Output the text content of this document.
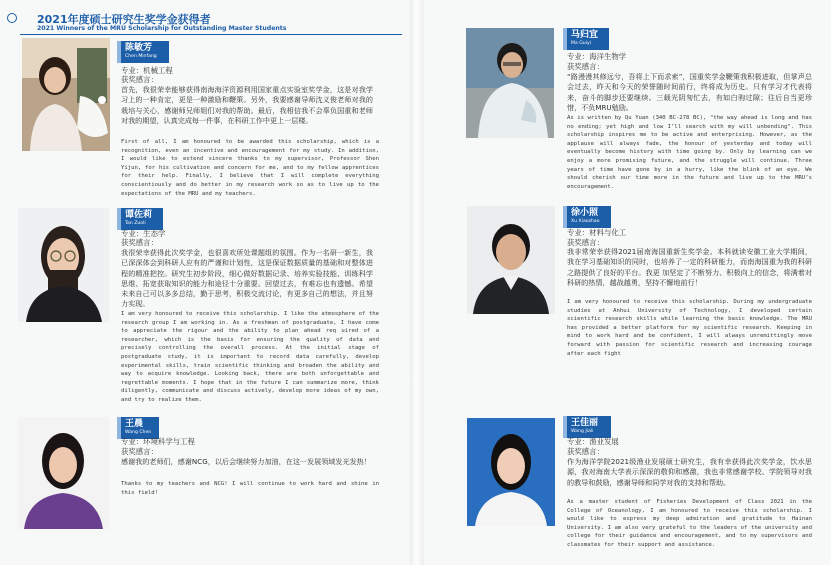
2021年度硕士研究生奖学金获得者
2021 Winners of the MRU Scholarship for Outstanding Master Students
陈敏芳
Chen Minfang
专业：机械工程
获奖感言：

首先，我很荣幸能够获得南海海洋资源利用国家重点实验室奖学金，这是对我学习上的一种肯定，更是一种激励和鞭策。另外，我要感谢导师沈义俊老师对我的栽培与关心，感谢师兄师姐们对我的帮助。最后，我相信我不会辜负国重和老师对我的期望，认真完成每一件事，在科研工作中更上一层楼。

First of all, I am honoured to be awarded this scholarship, which is a recognition, even an incentive and encouragement for my study. In addition, I would like to extend sincere thanks to my supervisor, Professor Shen Yijun, for his cultivation and concern for me, and to my fellow apprentices for their help. Finally, I believe that I will complete everything conscientiously and do better in my research work so as to live up to the expectations of the MRU and my teachers.

马归宜
Ma Guiyi
专业：海洋生物学
获奖感言：

“路漫漫其修远兮，吾将上下而求索”，国重奖学金鞭策我积极进取，但掌声总会过去，昨天和今天的荣誉随时间前行，终将成为历史。只有学习才代表将来，奋斗的脚步还要继续。三载光阴匆忙去，有如白驹过隙；往后自当更珍惜，不负MRU勉励。

As is written by Qu Yuan (340 BC-278 BC), "the way ahead is long and has no ending; yet high and low I’ll search with my will unbending". This scholarship inspires me to be active and enterprising. However, as the applause will always fade, the honour of yesterday and today will eventually become history with time going by. Only by learning can we enjoy a more promising future, and the struggle will continue. Three years of time have gone by in a hurry, like the blink of an eye. We should cherish our time more in the future and live up to the MRU’s encouragement.

谭佐莉
Tan Zuoli
专业：生态学
获奖感言：

我很荣幸获得此次奖学金，也很喜欢所处课题组的氛围。作为一名研一新生，我已深深体会到科研人应有的严谨和计划性，这是保证数据质量的基础和对整体进程的精准把控。研究生初步阶段，细心做好数据记录、培养实验技能、训练科学思维、拓宽获取知识的能力和途径十分重要。回望过去，有难忘也有遗憾。希望未来自己可以多多总结，勤于思考，积极交流讨论，有更多自己的想法，并且努力实现。

I am very honoured to receive this scholarship. I like the atmosphere of the research group I am working in. As a freshman of postgraduate, I have come to appreciate the rigour and the ability to plan ahead req uired of a researcher, which is the basis for ensuring the quality of data and precisely controlling the overall process. At the initial stage of postgraduate study, it is important to record data carefully, develop experimental skills, train scientific thinking and broaden the ability and way to acquire knowledge. Looking back, there are both unforgettable and regrettable moments. I hope that in the future I can summarize more, think diligently, communicate and discuss actively, develop more ideas of my own, and try to realize them.

徐小照
Xu Xiaozhao
专业：材料与化工
获奖感言：

我非常荣幸获得2021届南海国重新生奖学金。本科就读安徽工业大学期间，我在学习基础知识的同时，也培养了一定的科研能力，而南海国重为我的科研之路提供了良好的平台。我更 加坚定了不断努力、积极向上的信念，将满着对科研的热情，越战越勇，坚持不懈地前行！

I am very honoured to receive this scholarship. During my undergraduate studies at Anhui University of Technology, I developed certain scientific research skills while learning the basic knowledge. The MRU has provided a better platform for my scientific research. Keeping in mind to work hard and be confident, I will always unremittingly move forward with passion for scientific research and increasing courage after each fight

王晨
Wang Chen
专业：环境科学与工程
获奖感言：

感谢我的老师们，感谢NCG，以后会继续努力加油，在这一发展领域发光发热！

Thanks to my teachers and NCG! I will continue to work hard and shine in this field!

王佳丽
Wang Jiali
专业：渔业发展
获奖感言：

作为海洋学院2021级渔业发展硕士研究生，我有幸获得此次奖学金，饮水思源，我对海南大学表示深深的敬仰和感激，我也非常感谢学校、学院领导对我的教导和鼓励，感谢导师和同学对我的支持和帮助。

As a master student of Fisheries Development of Class 2021 in the College of Oceanology, I am honoured to receive this scholarship. I would like to express my deep admiration and gratitude to Hainan University. I am also very grateful to the leaders of the university and college for their guidance and encouragement, and to my supervisors and classmates for their support and assistance.
